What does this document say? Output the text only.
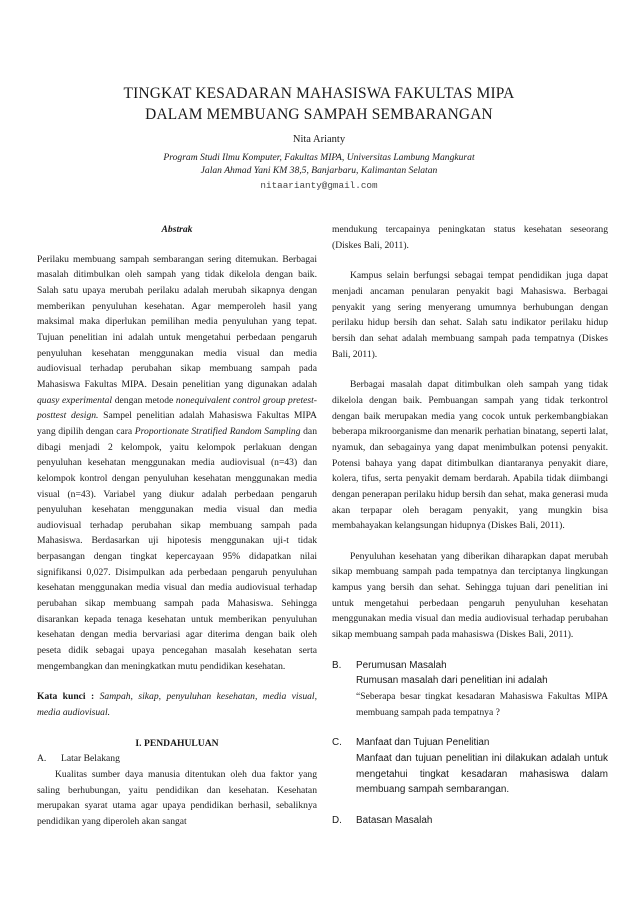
TINGKAT KESADARAN MAHASISWA FAKULTAS MIPA
DALAM MEMBUANG SAMPAH SEMBARANGAN
Nita Arianty
Program Studi Ilmu Komputer, Fakultas MIPA, Universitas Lambung Mangkurat
Jalan Ahmad Yani KM 38,5, Banjarbaru, Kalimantan Selatan
nitaarianty@gmail.com
Abstrak

Perilaku membuang sampah sembarangan sering ditemukan. Berbagai masalah ditimbulkan oleh sampah yang tidak dikelola dengan baik. Salah satu upaya merubah perilaku adalah merubah sikapnya dengan memberikan penyuluhan kesehatan. Agar memperoleh hasil yang maksimal maka diperlukan pemilihan media penyuluhan yang tepat. Tujuan penelitian ini adalah untuk mengetahui perbedaan pengaruh penyuluhan kesehatan menggunakan media visual dan media audiovisual terhadap perubahan sikap membuang sampah pada Mahasiswa Fakultas MIPA. Desain penelitian yang digunakan adalah quasy experimental dengan metode nonequivalent control group pretest-posttest design. Sampel penelitian adalah Mahasiswa Fakultas MIPA yang dipilih dengan cara Proportionate Stratified Random Sampling dan dibagi menjadi 2 kelompok, yaitu kelompok perlakuan dengan penyuluhan kesehatan menggunakan media audiovisual (n=43) dan kelompok kontrol dengan penyuluhan kesehatan menggunakan media visual (n=43). Variabel yang diukur adalah perbedaan pengaruh penyuluhan kesehatan menggunakan media visual dan media audiovisual terhadap perubahan sikap membuang sampah pada Mahasiswa. Berdasarkan uji hipotesis menggunakan uji-t tidak berpasangan dengan tingkat kepercayaan 95% didapatkan nilai signifikansi 0,027. Disimpulkan ada perbedaan pengaruh penyuluhan kesehatan menggunakan media visual dan media audiovisual terhadap perubahan sikap membuang sampah pada Mahasiswa. Sehingga disarankan kepada tenaga kesehatan untuk memberikan penyuluhan kesehatan dengan media bervariasi agar diterima dengan baik oleh peseta didik sebagai upaya pencegahan masalah kesehatan serta mengembangkan dan meningkatkan mutu pendidikan kesehatan.

Kata kunci : Sampah, sikap, penyuluhan kesehatan, media visual, media audiovisual.

I. PENDAHULUAN
A.	Latar Belakang

Kualitas sumber daya manusia ditentukan oleh dua faktor yang saling berhubungan, yaitu pendidikan dan kesehatan. Kesehatan merupakan syarat utama agar upaya pendidikan berhasil, sebaliknya pendidikan yang diperoleh akan sangat

mendukung tercapainya peningkatan status kesehatan seseorang (Diskes Bali, 2011).

Kampus selain berfungsi sebagai tempat pendidikan juga dapat menjadi ancaman penularan penyakit bagi Mahasiswa. Berbagai penyakit yang sering menyerang umumnya berhubungan dengan perilaku hidup bersih dan sehat. Salah satu indikator perilaku hidup bersih dan sehat adalah membuang sampah pada tempatnya (Diskes Bali, 2011).

Berbagai masalah dapat ditimbulkan oleh sampah yang tidak dikelola dengan baik. Pembuangan sampah yang tidak terkontrol dengan baik merupakan media yang cocok untuk perkembangbiakan beberapa mikroorganisme dan menarik perhatian binatang, seperti lalat, nyamuk, dan sebagainya yang dapat menimbulkan potensi penyakit. Potensi bahaya yang dapat ditimbulkan diantaranya penyakit diare, kolera, tifus, serta penyakit demam berdarah. Apabila tidak diimbangi dengan penerapan perilaku hidup bersih dan sehat, maka generasi muda akan terpapar oleh beragam penyakit, yang mungkin bisa membahayakan kelangsungan hidupnya (Diskes Bali, 2011).

Penyuluhan kesehatan yang diberikan diharapkan dapat merubah sikap membuang sampah pada tempatnya dan terciptanya lingkungan kampus yang bersih dan sehat. Sehingga tujuan dari penelitian ini untuk mengetahui perbedaan pengaruh penyuluhan kesehatan menggunakan media visual dan media audiovisual terhadap perubahan sikap membuang sampah pada mahasiswa (Diskes Bali, 2011).

B.	Perumusan Masalah
Rumusan masalah dari penelitian ini adalah
“Seberapa besar tingkat kesadaran Mahasiswa Fakultas MIPA membuang sampah pada tempatnya ?
C.	Manfaat dan Tujuan Penelitian
Manfaat dan tujuan penelitian ini dilakukan adalah untuk mengetahui tingkat kesadaran mahasiswa dalam membuang sampah sembarangan.
D.	Batasan Masalah
